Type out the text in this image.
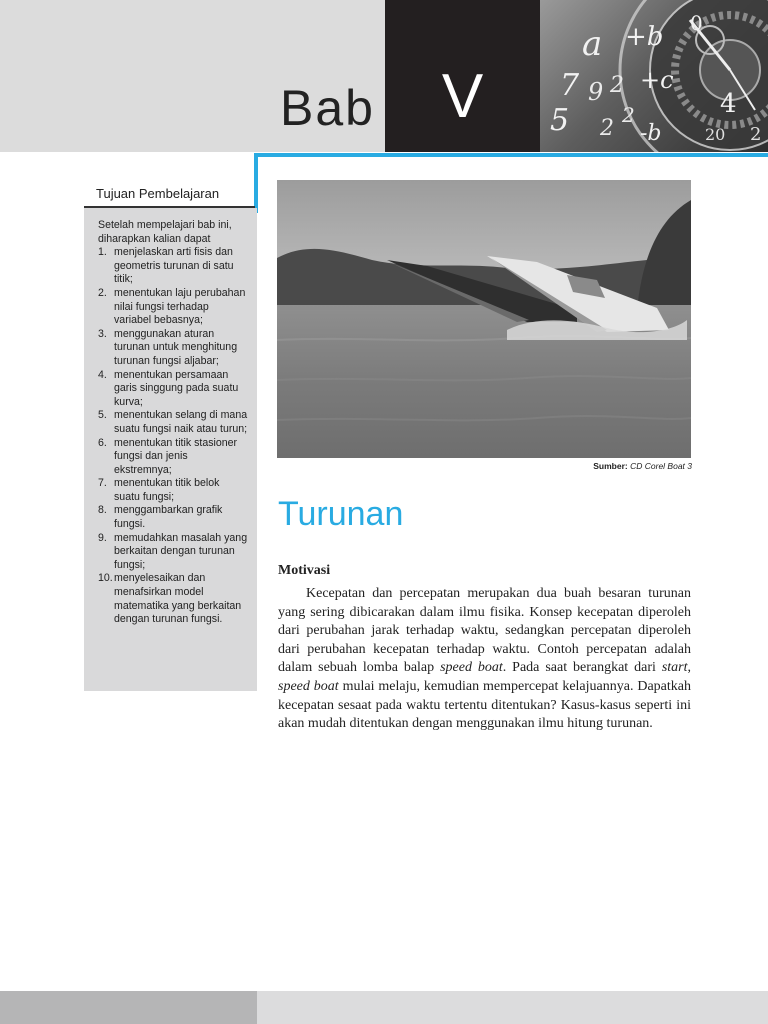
Bab	V
a +b
7 9 2 +c
5 2
2
-b
0
4
20 2
Tujuan Pembelajaran

Setelah mempelajari bab ini, diharapkan kalian dapat

1. menjelaskan arti fisis dan geometris turunan di satu titik;
2. menentukan laju perubahan nilai fungsi terhadap variabel bebasnya;
3. menggunakan aturan turunan untuk menghitung turunan fungsi aljabar;
4. menentukan persamaan garis singgung pada suatu kurva;
5. menentukan selang di mana suatu fungsi naik atau turun;
6. menentukan titik stasioner fungsi dan jenis ekstremnya;
7. menentukan titik belok suatu fungsi;
8. menggambarkan grafik fungsi.
9. memudahkan masalah yang berkaitan dengan turunan fungsi;
10. menyelesaikan dan menafsirkan model matematika yang berkaitan dengan turunan fungsi.
Sumber: CD Corel Boat 3
Turunan
Motivasi

Kecepatan dan percepatan merupakan dua buah besaran turunan yang sering dibicarakan dalam ilmu fisika. Konsep kecepatan diperoleh dari perubahan jarak terhadap waktu, sedangkan percepatan diperoleh dari perubahan kecepatan terhadap waktu. Contoh percepatan adalah dalam sebuah lomba balap speed boat. Pada saat berangkat dari start, speed boat mulai melaju, kemudian mempercepat kelajuannya. Dapatkah kecepatan sesaat pada waktu tertentu ditentukan? Kasus-kasus seperti ini akan mudah ditentukan dengan menggunakan ilmu hitung turunan.
